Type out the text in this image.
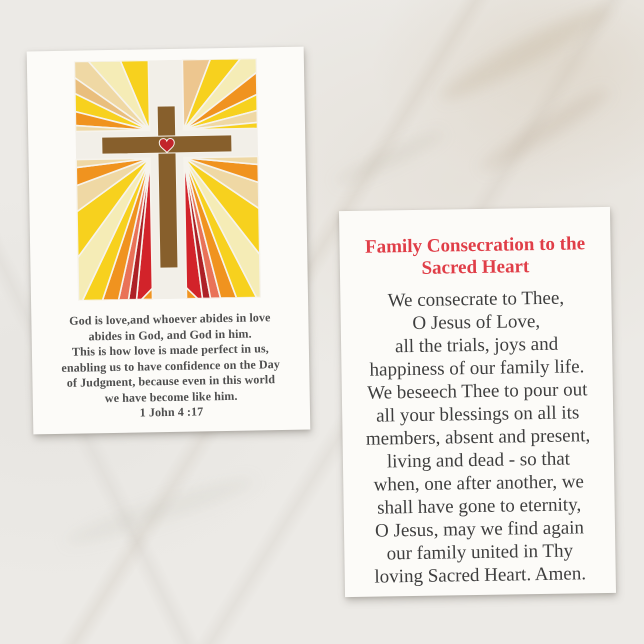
God is love,and whoever abides in love
abides in God, and God in him.
This is how love is made perfect in us,
enabling us to have confidence on the Day
of Judgment, because even in this world
we have become like him.
1 John 4 :17
Family Consecration to the
Sacred Heart
We consecrate to Thee,
O Jesus of Love,
all the trials, joys and
happiness of our family life.
We beseech Thee to pour out
all your blessings on all its
members, absent and present,
living and dead - so that
when, one after another, we
shall have gone to eternity,
O Jesus, may we find again
our family united in Thy
loving Sacred Heart. Amen.
